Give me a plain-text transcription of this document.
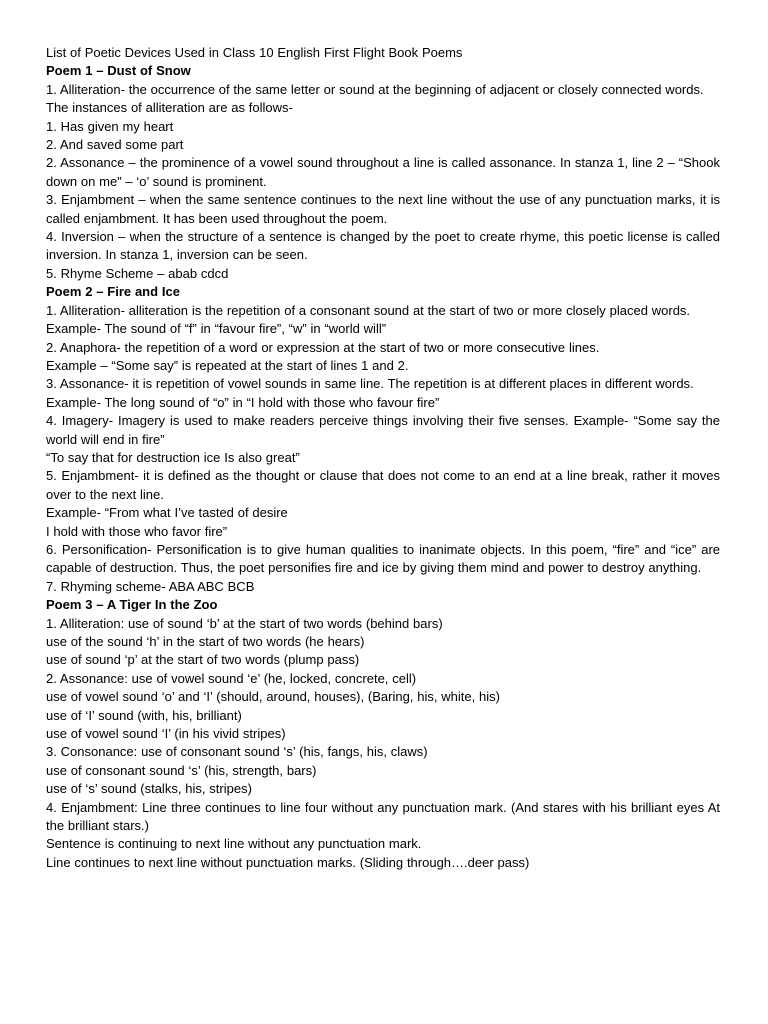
List of Poetic Devices Used in Class 10 English First Flight Book Poems

Poem 1 – Dust of Snow

1. Alliteration- the occurrence of the same letter or sound at the beginning of adjacent or closely connected words.

The instances of alliteration are as follows-

1. Has given my heart

2. And saved some part

2. Assonance – the prominence of a vowel sound throughout a line is called assonance. In stanza 1, line 2 – “Shook down on me” – ‘o’ sound is prominent.

3. Enjambment – when the same sentence continues to the next line without the use of any punctuation marks, it is called enjambment. It has been used throughout the poem.

4. Inversion – when the structure of a sentence is changed by the poet to create rhyme, this poetic license is called inversion. In stanza 1, inversion can be seen.

5. Rhyme Scheme – abab cdcd

Poem 2 – Fire and Ice

1. Alliteration- alliteration is the repetition of a consonant sound at the start of two or more closely placed words.

Example- The sound of “f” in “favour fire”, “w” in “world will”

2. Anaphora- the repetition of a word or expression at the start of two or more consecutive lines.

Example – “Some say” is repeated at the start of lines 1 and 2.

3. Assonance- it is repetition of vowel sounds in same line. The repetition is at different places in different words.

Example- The long sound of “o” in “I hold with those who favour fire”

4. Imagery- Imagery is used to make readers perceive things involving their five senses. Example- “Some say the world will end in fire”

“To say that for destruction ice Is also great”

5. Enjambment- it is defined as the thought or clause that does not come to an end at a line break, rather it moves over to the next line.

Example- “From what I’ve tasted of desire

I hold with those who favor fire”

6. Personification- Personification is to give human qualities to inanimate objects. In this poem, “fire” and “ice” are capable of destruction. Thus, the poet personifies fire and ice by giving them mind and power to destroy anything.

7. Rhyming scheme- ABA ABC BCB

Poem 3 – A Tiger In the Zoo

1. Alliteration: use of sound ‘b’ at the start of two words (behind bars)

use of the sound ‘h’ in the start of two words (he hears)

use of sound ‘p’ at the start of two words (plump pass)

2. Assonance: use of vowel sound ‘e’ (he, locked, concrete, cell)

use of vowel sound ‘o’ and ‘I’ (should, around, houses), (Baring, his, white, his)

use of ‘I’ sound (with, his, brilliant)

use of vowel sound ‘I’ (in his vivid stripes)

3. Consonance: use of consonant sound ‘s’ (his, fangs, his, claws)

use of consonant sound ‘s’ (his, strength, bars)

use of ‘s’ sound (stalks, his, stripes)

4. Enjambment: Line three continues to line four without any punctuation mark. (And stares with his brilliant eyes At the brilliant stars.)

Sentence is continuing to next line without any punctuation mark.

Line continues to next line without punctuation marks. (Sliding through….deer pass)
